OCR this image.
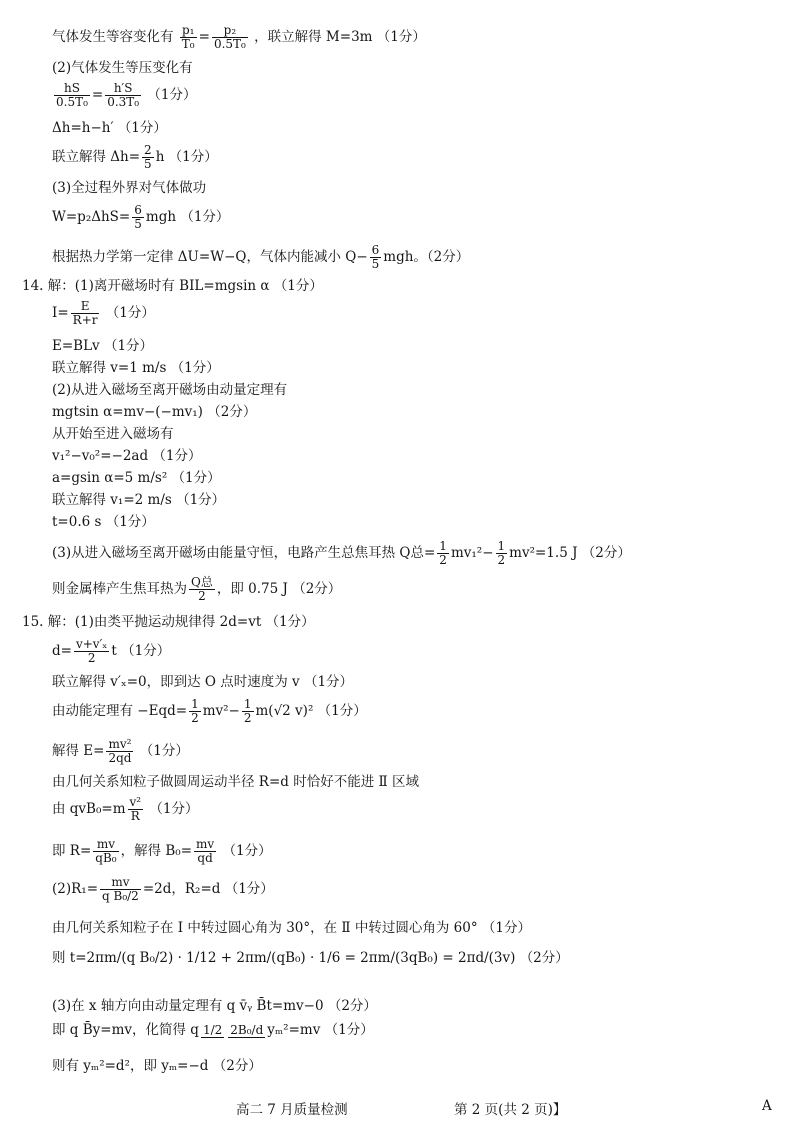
气体发生等容变化有 $\frac{\text{p₁}}{\text{T₀}} = \frac{\text{p₂}}{\text{0.5T₀}}$ ，联立解得 M=3m （1分）
(2)气体发生等压变化有
$\frac{hS}{\text{0.5T₀}} = \frac{h'S}{\text{0.3T₀}} (1$分）
Δh=h−h′ （1分）
联立解得 $\Delta h= \frac{2}{5}$ h （1分）
(3)全过程外界对气体做功
$W=p_2\Delta hS= \frac{6}{5}$ mgh （1分）
根据热力学第一定律 ΔU=W−Q，气体内能减小 $Q- \frac{6}{5}$ mgh。（2分）
14. 解：(1)离开磁场时有 BIL=mgsin α （1分）
$I= \frac{E}{R+r} (1$分）
E=BLv （1分）
联立解得 v=1 m/s （1分）
(2)从进入磁场至离开磁场由动量定理有
mgtsin α=mv−(−mv₁) （2分）
从开始至进入磁场有
v₁²−v₀²=−2ad （1分）
a=gsin α=5 m/s² （1分）
联立解得 v₁=2 m/s （1分）
t=0.6 s （1分）
(3)从进入磁场至离开磁场由能量守恒，电路产生总焦耳热 Q总= $\frac{1}{2} mv_1^2- \frac{1}{2} mv^2=1.5$ J （2分）
则金属棒产生焦耳热为 $\frac{\text{Q总}}{2}$ ，即 0.75 J （2分）
15. 解：(1)由类平抛运动规律得 2d=vt （1分）
$d= \frac{\text{v+v′ₓ}}{2}$ t （1分）
联立解得 v′ₓ=0，即到达 O 点时速度为 v （1分）
由动能定理有 $-Eqd= \frac{1}{2} mv^2- \frac{1}{2} m(√2$ v)² （1分）
解得 $E= \frac{\text{mv²}}{2qd} (1$分）
由几何关系知粒子做圆周运动半径 R=d 时恰好不能进 Ⅱ 区域
由 $qvB_0=m \frac{\text{v²}}{R} (1$分）
即 $R= \frac{mv}{\text{qB₀}}$ ，解得 $B_0= \frac{mv}{qd} (1$分）
$(2)R_1= \frac{mv}{\text{q B₀/2}} =2d$，R₂=d （1分）
由几何关系知粒子在 Ⅰ 中转过圆心角为 30°，在 Ⅱ 中转过圆心角为 60° （1分）
则 t=2πm/(q B₀/2) · 1/12 + 2πm/(qB₀) · 1/6 = 2πm/(3qB₀) = 2πd/(3v) （2分）
(3)在 x 轴方向由动量定理有 q v̄ᵧ B̄t=mv−0 （2分）
即 q B̄y=mv，化简得 q 1/2 2B₀/d yₘ²=mv （1分）
则有 yₘ²=d²，即 yₘ=−d （2分）
高二 7 月质量检测	第 2 页(共 2 页)】	A
